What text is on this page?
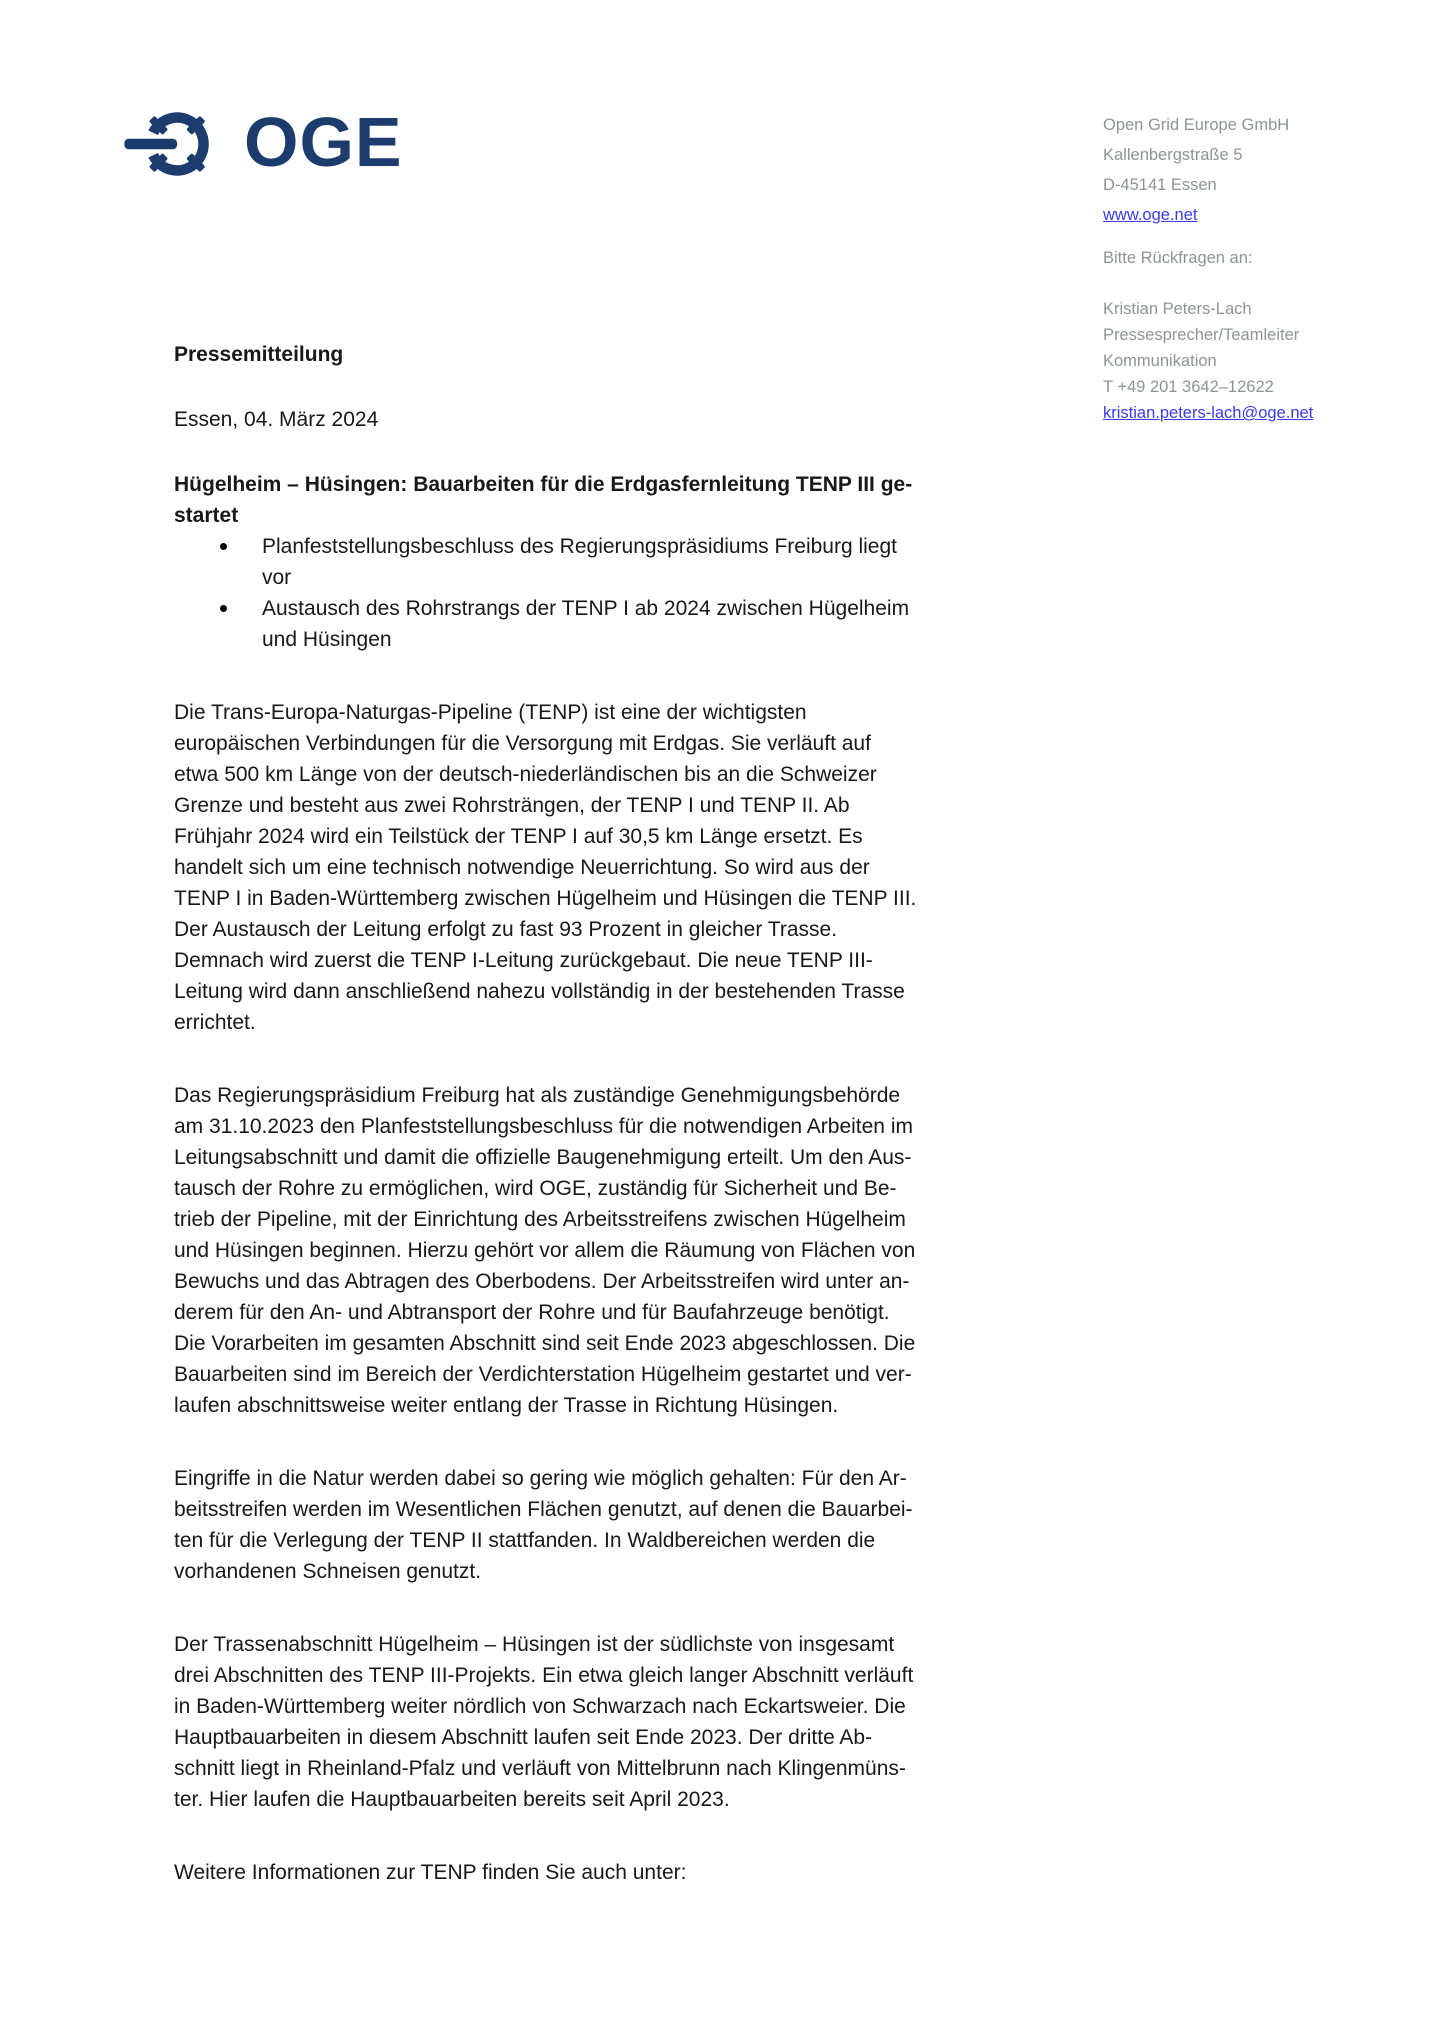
OGE	Open Grid Europe GmbH
Kallenbergstraße 5
D-45141 Essen
www.oge.net
Bitte Rückfragen an:
Kristian Peters-Lach
Pressesprecher/Teamleiter
Kommunikation
T +49 201 3642–12622
kristian.peters-lach@oge.net
Pressemitteilung
Essen, 04. März 2024
Hügelheim – Hüsingen: Bauarbeiten für die Erdgasfernleitung TENP III ge-
startet
Planfeststellungsbeschluss des Regierungspräsidiums Freiburg liegt
vor
Austausch des Rohrstrangs der TENP I ab 2024 zwischen Hügelheim
und Hüsingen
Die Trans-Europa-Naturgas-Pipeline (TENP) ist eine der wichtigsten
europäischen Verbindungen für die Versorgung mit Erdgas. Sie verläuft auf
etwa 500 km Länge von der deutsch-niederländischen bis an die Schweizer
Grenze und besteht aus zwei Rohrsträngen, der TENP I und TENP II. Ab
Frühjahr 2024 wird ein Teilstück der TENP I auf 30,5 km Länge ersetzt. Es
handelt sich um eine technisch notwendige Neuerrichtung. So wird aus der
TENP I in Baden-Württemberg zwischen Hügelheim und Hüsingen die TENP III.
Der Austausch der Leitung erfolgt zu fast 93 Prozent in gleicher Trasse.
Demnach wird zuerst die TENP I-Leitung zurückgebaut. Die neue TENP III-
Leitung wird dann anschließend nahezu vollständig in der bestehenden Trasse
errichtet.
Das Regierungspräsidium Freiburg hat als zuständige Genehmigungsbehörde
am 31.10.2023 den Planfeststellungsbeschluss für die notwendigen Arbeiten im
Leitungsabschnitt und damit die offizielle Baugenehmigung erteilt. Um den Aus-
tausch der Rohre zu ermöglichen, wird OGE, zuständig für Sicherheit und Be-
trieb der Pipeline, mit der Einrichtung des Arbeitsstreifens zwischen Hügelheim
und Hüsingen beginnen. Hierzu gehört vor allem die Räumung von Flächen von
Bewuchs und das Abtragen des Oberbodens. Der Arbeitsstreifen wird unter an-
derem für den An- und Abtransport der Rohre und für Baufahrzeuge benötigt.
Die Vorarbeiten im gesamten Abschnitt sind seit Ende 2023 abgeschlossen. Die
Bauarbeiten sind im Bereich der Verdichterstation Hügelheim gestartet und ver-
laufen abschnittsweise weiter entlang der Trasse in Richtung Hüsingen.
Eingriffe in die Natur werden dabei so gering wie möglich gehalten: Für den Ar-
beitsstreifen werden im Wesentlichen Flächen genutzt, auf denen die Bauarbei-
ten für die Verlegung der TENP II stattfanden. In Waldbereichen werden die
vorhandenen Schneisen genutzt.
Der Trassenabschnitt Hügelheim – Hüsingen ist der südlichste von insgesamt
drei Abschnitten des TENP III-Projekts. Ein etwa gleich langer Abschnitt verläuft
in Baden-Württemberg weiter nördlich von Schwarzach nach Eckartsweier. Die
Hauptbauarbeiten in diesem Abschnitt laufen seit Ende 2023. Der dritte Ab-
schnitt liegt in Rheinland-Pfalz und verläuft von Mittelbrunn nach Klingenmüns-
ter. Hier laufen die Hauptbauarbeiten bereits seit April 2023.
Weitere Informationen zur TENP finden Sie auch unter:
